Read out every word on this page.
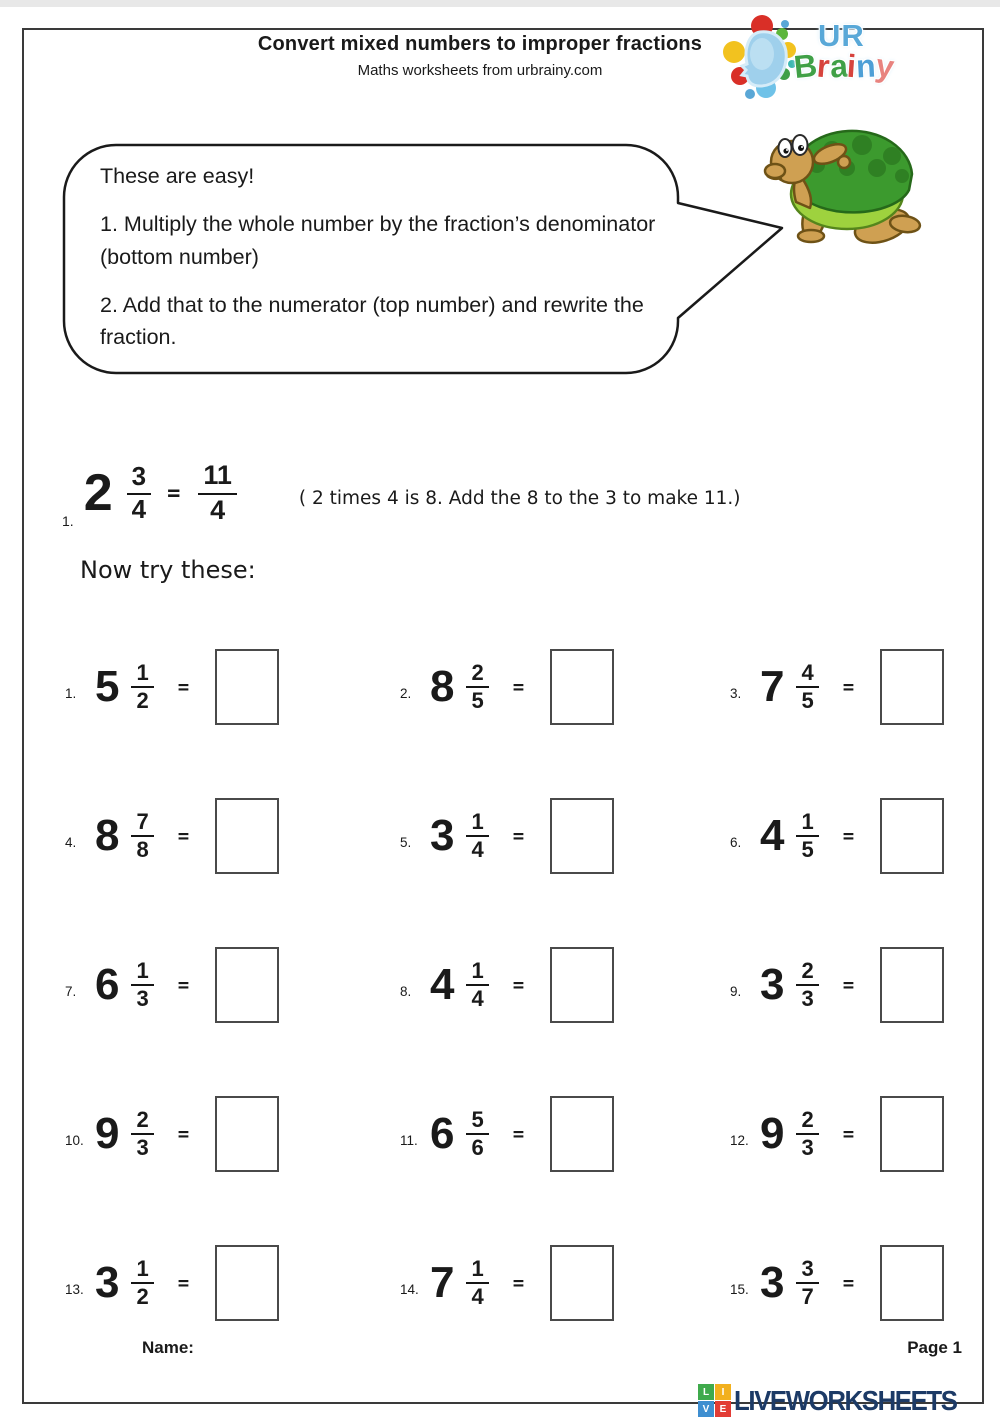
Convert mixed numbers to improper fractions
Maths worksheets from urbrainy.com
UR
Brainy

These are easy!

1. Multiply the whole number by the fraction’s denominator (bottom number)

2. Add that to the numerator (top number) and rewrite the fraction.

1. $2 \frac{3}{4} = \frac{11}{4}$	( 2 times 4 is 8. Add the 8 to the 3 to make 11.)
Now try these:
1. $5 \frac{1}{2}$ =	2. $8 \frac{2}{5}$ =	3. $7 \frac{4}{5}$ =
4. $8 \frac{7}{8}$ =	5. $3 \frac{1}{4}$ =	6. $4 \frac{1}{5}$ =
7. $6 \frac{1}{3}$ =	8. $4 \frac{1}{4}$ =	9. $3 \frac{2}{3}$ =
10. $9 \frac{2}{3}$ =	11. $6 \frac{5}{6}$ =	12. $9 \frac{2}{3}$ =
13. $3 \frac{1}{2}$ =	14. $7 \frac{1}{4}$ =	15. $3 \frac{3}{7}$ =
Name:	Page 1
L	I
V	E LIVEWORKSHEETS
